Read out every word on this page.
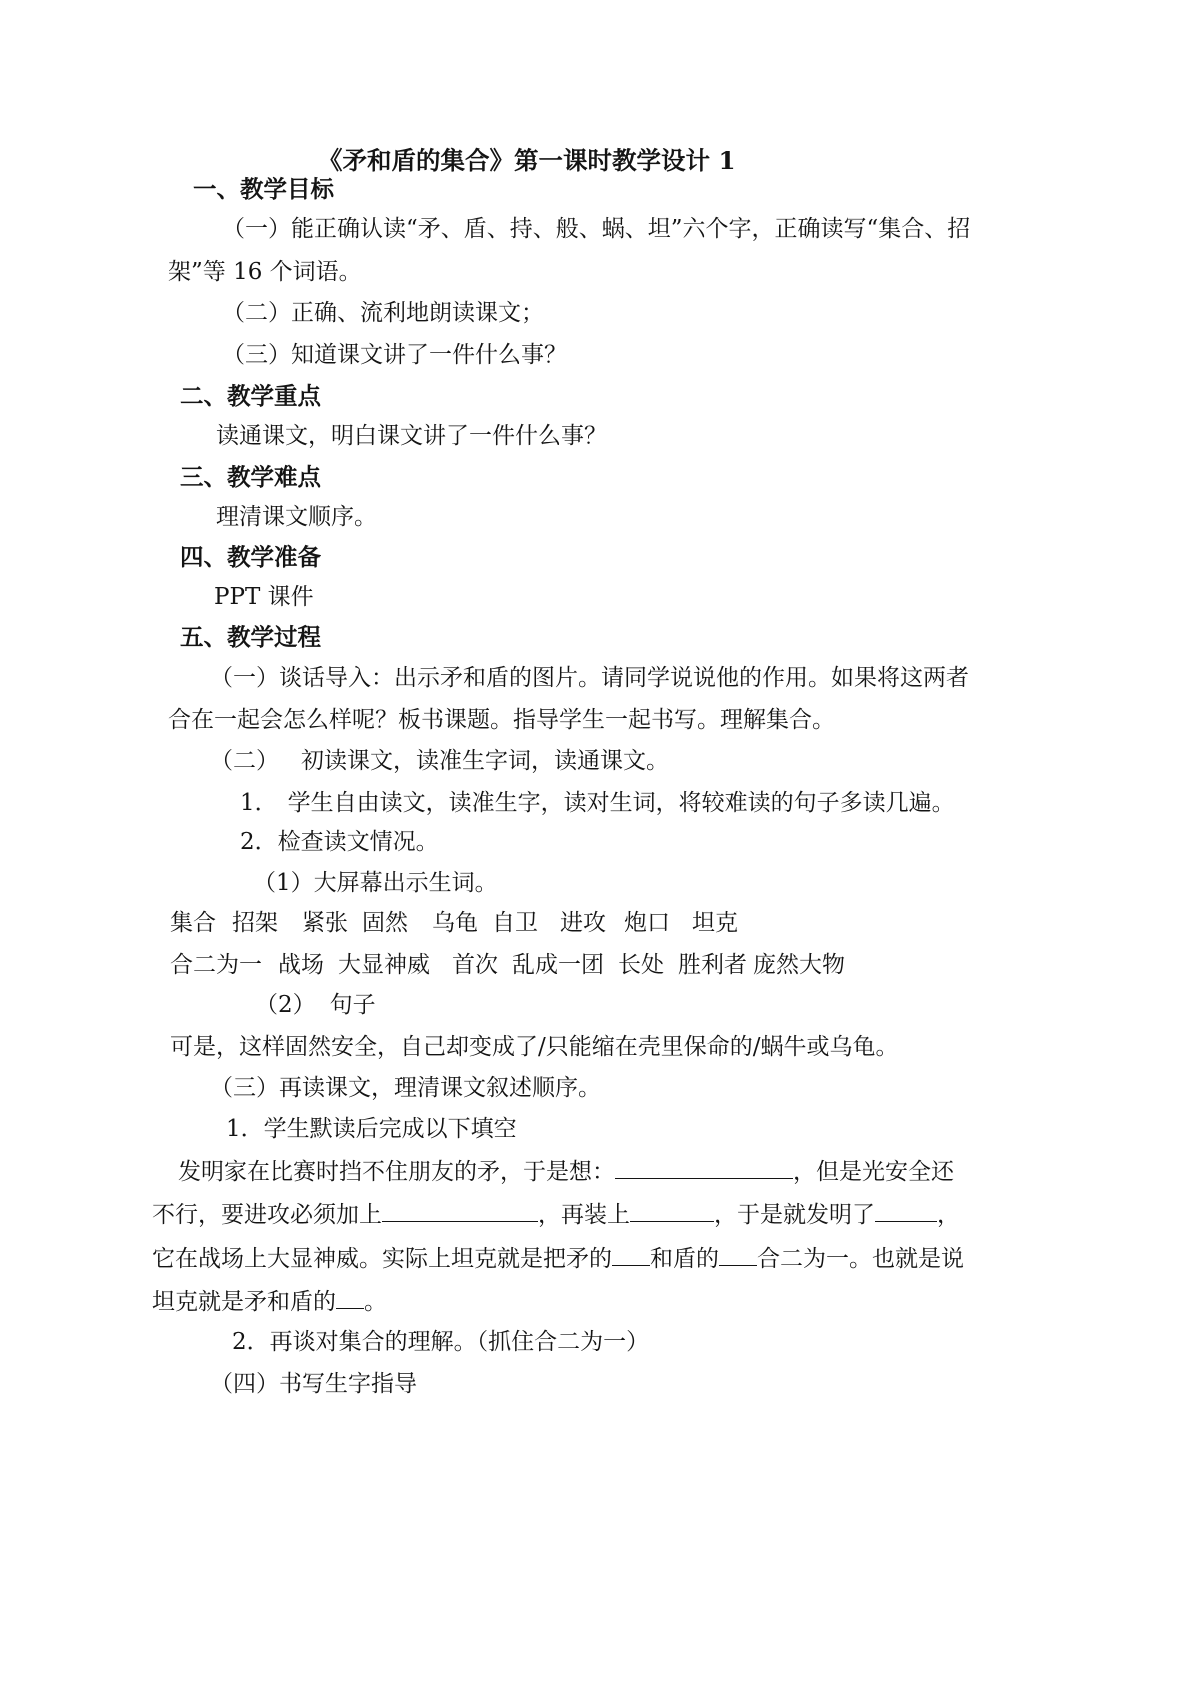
《矛和盾的集合》第一课时教学设计 1
一、教学目标
（一）能正确认读“矛、盾、持、般、蜗、坦”六个字，正确读写“集合、招
架”等 16 个词语。
（二）正确、流利地朗读课文；
（三）知道课文讲了一件什么事？
二、教学重点
读通课文，明白课文讲了一件什么事？
三、教学难点
理清课文顺序。
四、教学准备
PPT 课件
五、教学过程
（一）谈话导入：出示矛和盾的图片。请同学说说他的作用。如果将这两者
合在一起会怎么样呢？板书课题。指导学生一起书写。理解集合。
（二） 初读课文，读准生字词，读通课文。
1． 学生自由读文，读准生字，读对生词，将较难读的句子多读几遍。
2．检查读文情况。
（1）大屏幕出示生词。
集合 招架 紧张 固然 乌龟 自卫 进攻 炮口 坦克
合二为一 战场 大显神威 首次 乱成一团 长处 胜利者 庞然大物
（2） 句子
可是，这样固然安全，自己却变成了/只能缩在壳里保命的/蜗牛或乌龟。
（三）再读课文，理清课文叙述顺序。
1．学生默读后完成以下填空
发明家在比赛时挡不住朋友的矛，于是想：	，但是光安全还
不行，要进攻必须加上	，再装上	，于是就发明了	，
它在战场上大显神威。实际上坦克就是把矛的 和盾的 合二为一。也就是说
坦克就是矛和盾的 。
2．再谈对集合的理解。（抓住合二为一）
（四）书写生字指导
